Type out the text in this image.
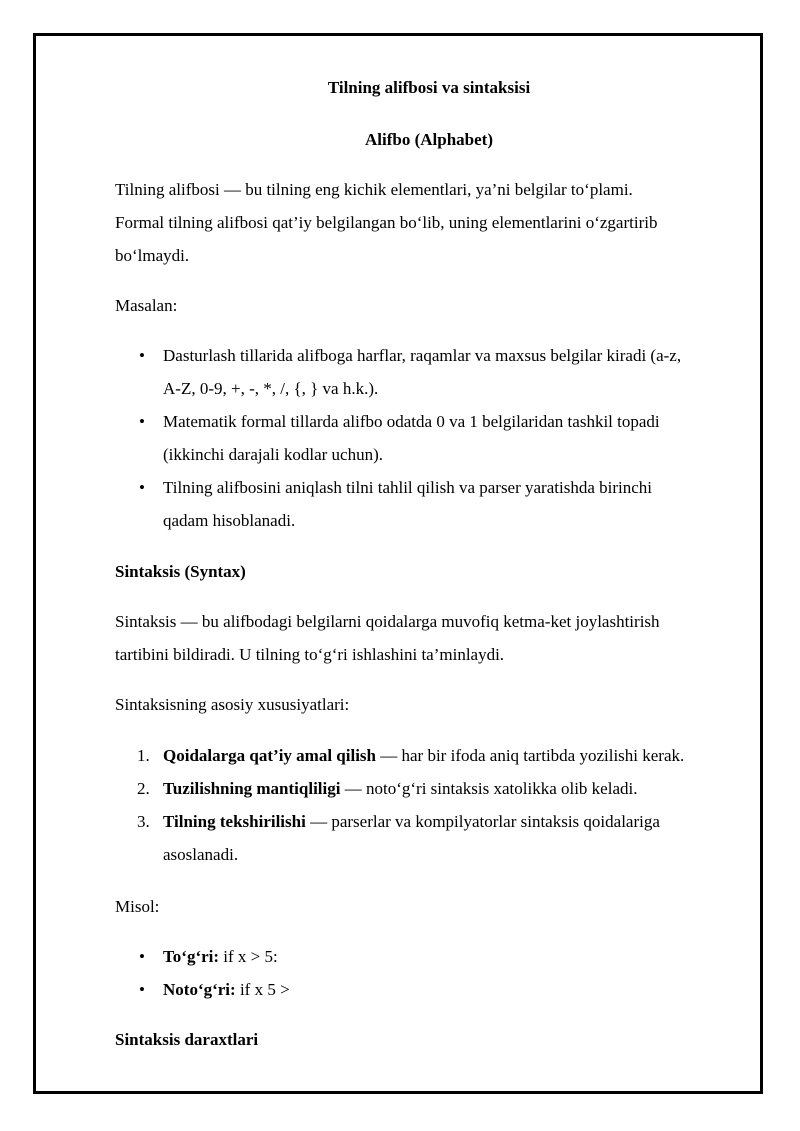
Tilning alifbosi va sintaksisi
Alifbo (Alphabet)
Tilning alifbosi — bu tilning eng kichik elementlari, ya’ni belgilar to‘plami.
Formal tilning alifbosi qat’iy belgilangan bo‘lib, uning elementlarini o‘zgartirib
bo‘lmaydi.
Masalan:
• Dasturlash tillarida alifboga harflar, raqamlar va maxsus belgilar kiradi (a-z,
A-Z, 0-9, +, -, *, /, {, } va h.k.).
• Matematik formal tillarda alifbo odatda 0 va 1 belgilaridan tashkil topadi
(ikkinchi darajali kodlar uchun).
• Tilning alifbosini aniqlash tilni tahlil qilish va parser yaratishda birinchi
qadam hisoblanadi.
Sintaksis (Syntax)
Sintaksis — bu alifbodagi belgilarni qoidalarga muvofiq ketma-ket joylashtirish
tartibini bildiradi. U tilning to‘g‘ri ishlashini ta’minlaydi.
Sintaksisning asosiy xususiyatlari:
1. Qoidalarga qat’iy amal qilish — har bir ifoda aniq tartibda yozilishi kerak.
2. Tuzilishning mantiqliligi — noto‘g‘ri sintaksis xatolikka olib keladi.
3. Tilning tekshirilishi — parserlar va kompilyatorlar sintaksis qoidalariga
asoslanadi.
Misol:
• To‘g‘ri: if x > 5:
• Noto‘g‘ri: if x 5 >
Sintaksis daraxtlari
